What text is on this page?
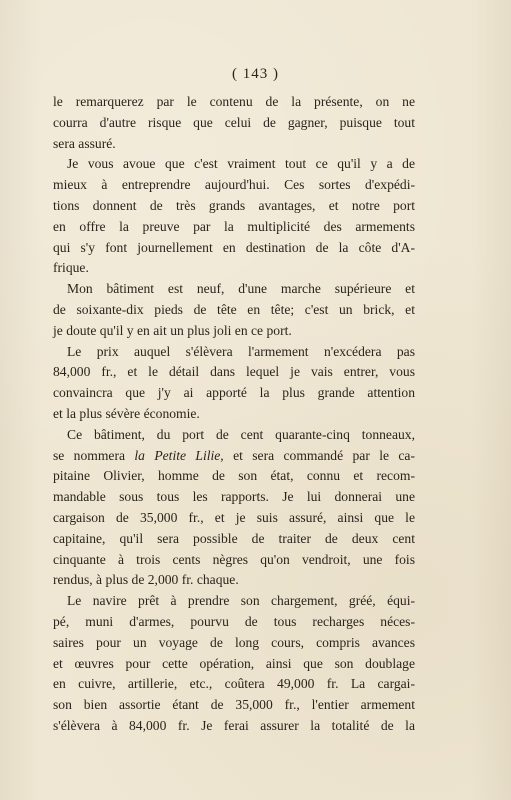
( 143 )
le remarquerez par le contenu de la présente, on ne
courra d'autre risque que celui de gagner, puisque tout
sera assuré.
Je vous avoue que c'est vraiment tout ce qu'il y a de
mieux à entreprendre aujourd'hui. Ces sortes d'expédi-
tions donnent de très grands avantages, et notre port
en offre la preuve par la multiplicité des armements
qui s'y font journellement en destination de la côte d'A-
frique.
Mon bâtiment est neuf, d'une marche supérieure et
de soixante-dix pieds de tête en tête; c'est un brick, et
je doute qu'il y en ait un plus joli en ce port.
Le prix auquel s'élèvera l'armement n'excédera pas
84,000 fr., et le détail dans lequel je vais entrer, vous
convaincra que j'y ai apporté la plus grande attention
et la plus sévère économie.
Ce bâtiment, du port de cent quarante-cinq tonneaux,
se nommera la Petite Lilie, et sera commandé par le ca-
pitaine Olivier, homme de son état, connu et recom-
mandable sous tous les rapports. Je lui donnerai une
cargaison de 35,000 fr., et je suis assuré, ainsi que le
capitaine, qu'il sera possible de traiter de deux cent
cinquante à trois cents nègres qu'on vendroit, une fois
rendus, à plus de 2,000 fr. chaque.
Le navire prêt à prendre son chargement, gréé, équi-
pé, muni d'armes, pourvu de tous recharges néces-
saires pour un voyage de long cours, compris avances
et œuvres pour cette opération, ainsi que son doublage
en cuivre, artillerie, etc., coûtera 49,000 fr. La cargai-
son bien assortie étant de 35,000 fr., l'entier armement
s'élèvera à 84,000 fr. Je ferai assurer la totalité de la
